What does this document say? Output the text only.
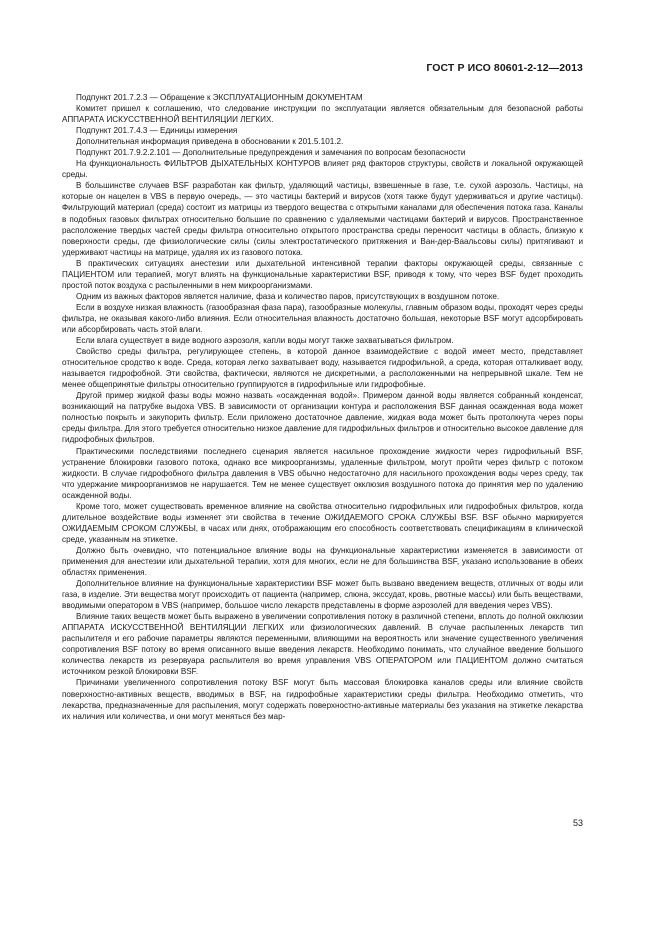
ГОСТ Р ИСО 80601-2-12—2013

Подпункт 201.7.2.3 — Обращение к ЭКСПЛУАТАЦИОННЫМ ДОКУМЕНТАМ

Комитет пришел к соглашению, что следование инструкции по эксплуатации является обязательным для безопасной работы АППАРАТА ИСКУССТВЕННОЙ ВЕНТИЛЯЦИИ ЛЕГКИХ.

Подпункт 201.7.4.3 — Единицы измерения

Дополнительная информация приведена в обосновании к 201.5.101.2.

Подпункт 201.7.9.2.2.101 — Дополнительные предупреждения и замечания по вопросам безопасности

На функциональность ФИЛЬТРОВ ДЫХАТЕЛЬНЫХ КОНТУРОВ влияет ряд факторов структуры, свойств и локальной окружающей среды.

В большинстве случаев BSF разработан как фильтр, удаляющий частицы, взвешенные в газе, т.е. сухой аэрозоль. Частицы, на которые он нацелен в VBS в первую очередь, — это частицы бактерий и вирусов (хотя также будут удерживаться и другие частицы). Фильтрующий материал (среда) состоит из матрицы из твердого вещества с открытыми каналами для обеспечения потока газа. Каналы в подобных газовых фильтрах относительно большие по сравнению с удаляемыми частицами бактерий и вирусов. Пространственное расположение твердых частей среды фильтра относительно открытого пространства среды переносит частицы в область, близкую к поверхности среды, где физиологические силы (силы электростатического притяжения и Ван-дер-Ваальсовы силы) притягивают и удерживают частицы на матрице, удаляя их из газового потока.

В практических ситуациях анестезии или дыхательной интенсивной терапии факторы окружающей среды, связанные с ПАЦИЕНТОМ или терапией, могут влиять на функциональные характеристики BSF, приводя к тому, что через BSF будет проходить простой поток воздуха с распыленными в нем микроорганизмами.

Одним из важных факторов является наличие, фаза и количество паров, присутствующих в воздушном потоке.

Если в воздухе низкая влажность (газообразная фаза пара), газообразные молекулы, главным образом воды, проходят через среды фильтра, не оказывая какого-либо влияния. Если относительная влажность достаточно большая, некоторые BSF могут адсорбировать или абсорбировать часть этой влаги.

Если влага существует в виде водного аэрозоля, капли воды могут также захватываться фильтром.

Свойство среды фильтра, регулирующее степень, в которой данное взаимодействие с водой имеет место, представляет относительное сродство к воде. Среда, которая легко захватывает воду, называется гидрофильной, а среда, которая отталкивает воду, называется гидрофобной. Эти свойства, фактически, являются не дискретными, а расположенными на непрерывной шкале. Тем не менее общепринятые фильтры относительно группируются в гидрофильные или гидрофобные.

Другой пример жидкой фазы воды можно назвать «осажденная водой». Примером данной воды является собранный конденсат, возникающий на патрубке выдоха VBS. В зависимости от организации контура и расположения BSF данная осажденная вода может полностью покрыть и закупорить фильтр. Если приложено достаточное давление, жидкая вода может быть протолкнута через поры среды фильтра. Для этого требуется относительно низкое давление для гидрофильных фильтров и относительно высокое давление для гидрофобных фильтров.

Практическими последствиями последнего сценария является насильное прохождение жидкости через гидрофильный BSF, устранение блокировки газового потока, однако все микроорганизмы, удаленные фильтром, могут пройти через фильтр с потоком жидкости. В случае гидрофобного фильтра давления в VBS обычно недостаточно для насильного прохождения воды через среду, так что удержание микроорганизмов не нарушается. Тем не менее существует окклюзия воздушного потока до принятия мер по удалению осажденной воды.

Кроме того, может существовать временное влияние на свойства относительно гидрофильных или гидрофобных фильтров, когда длительное воздействие воды изменяет эти свойства в течение ОЖИДАЕМОГО СРОКА СЛУЖБЫ BSF. BSF обычно маркируется ОЖИДАЕМЫМ СРОКОМ СЛУЖБЫ, в часах или днях, отображающим его способность соответствовать спецификациям в клинической среде, указанным на этикетке.

Должно быть очевидно, что потенциальное влияние воды на функциональные характеристики изменяется в зависимости от применения для анестезии или дыхательной терапии, хотя для многих, если не для большинства BSF, указано использование в обеих областях применения.

Дополнительное влияние на функциональные характеристики BSF может быть вызвано введением веществ, отличных от воды или газа, в изделие. Эти вещества могут происходить от пациента (например, слюна, экссудат, кровь, рвотные массы) или быть веществами, вводимыми оператором в VBS (например, большое число лекарств представлены в форме аэрозолей для введения через VBS).

Влияние таких веществ может быть выражено в увеличении сопротивления потоку в различной степени, вплоть до полной окклюзии АППАРАТА ИСКУССТВЕННОЙ ВЕНТИЛЯЦИИ ЛЕГКИХ или физиологических давлений. В случае распыленных лекарств тип распылителя и его рабочие параметры являются переменными, влияющими на вероятность или значение существенного увеличения сопротивления BSF потоку во время описанного выше введения лекарств. Необходимо понимать, что случайное введение большого количества лекарств из резервуара распылителя во время управления VBS ОПЕРАТОРОМ или ПАЦИЕНТОМ должно считаться источником резкой блокировки BSF.

Причинами увеличенного сопротивления потоку BSF могут быть массовая блокировка каналов среды или влияние свойств поверхностно-активных веществ, вводимых в BSF, на гидрофобные характеристики среды фильтра. Необходимо отметить, что лекарства, предназначенные для распыления, могут содержать поверхностно-активные материалы без указания на этикетке лекарства их наличия или количества, и они могут меняться без мар-

53
